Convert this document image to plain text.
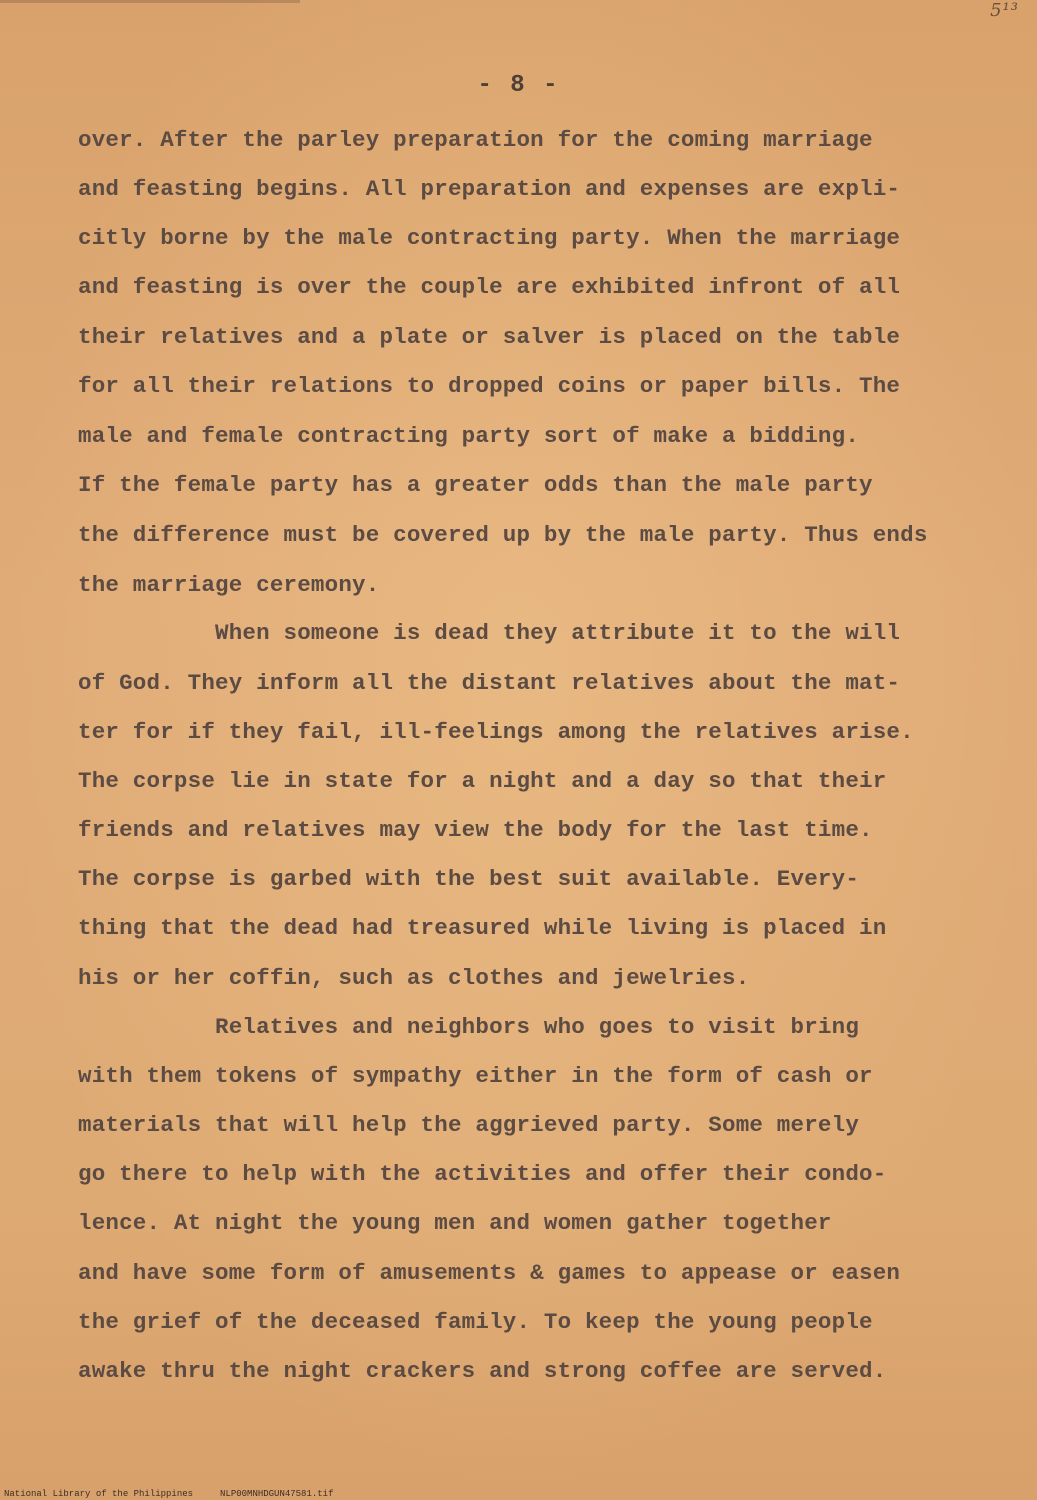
5¹³
- 8 -
over. After the parley preparation for the coming marriage
and feasting begins. All preparation and expenses are expli-
citly borne by the male contracting party. When the marriage
and feasting is over the couple are exhibited infront of all
their relatives and a plate or salver is placed on the table
for all their relations to dropped coins or paper bills. The
male and female contracting party sort of make a bidding.
If the female party has a greater odds than the male party
the difference must be covered up by the male party. Thus ends
the marriage ceremony.
When someone is dead they attribute it to the will
of God. They inform all the distant relatives about the mat-
ter for if they fail, ill-feelings among the relatives arise.
The corpse lie in state for a night and a day so that their
friends and relatives may view the body for the last time.
The corpse is garbed with the best suit available. Every-
thing that the dead had treasured while living is placed in
his or her coffin, such as clothes and jewelries.
Relatives and neighbors who goes to visit bring
with them tokens of sympathy either in the form of cash or
materials that will help the aggrieved party. Some merely
go there to help with the activities and offer their condo-
lence. At night the young men and women gather together
and have some form of amusements & games to appease or easen
the grief of the deceased family. To keep the young people
awake thru the night crackers and strong coffee are served.
National Library of the Philippines	NLP00MNHDGUN47581.tif
